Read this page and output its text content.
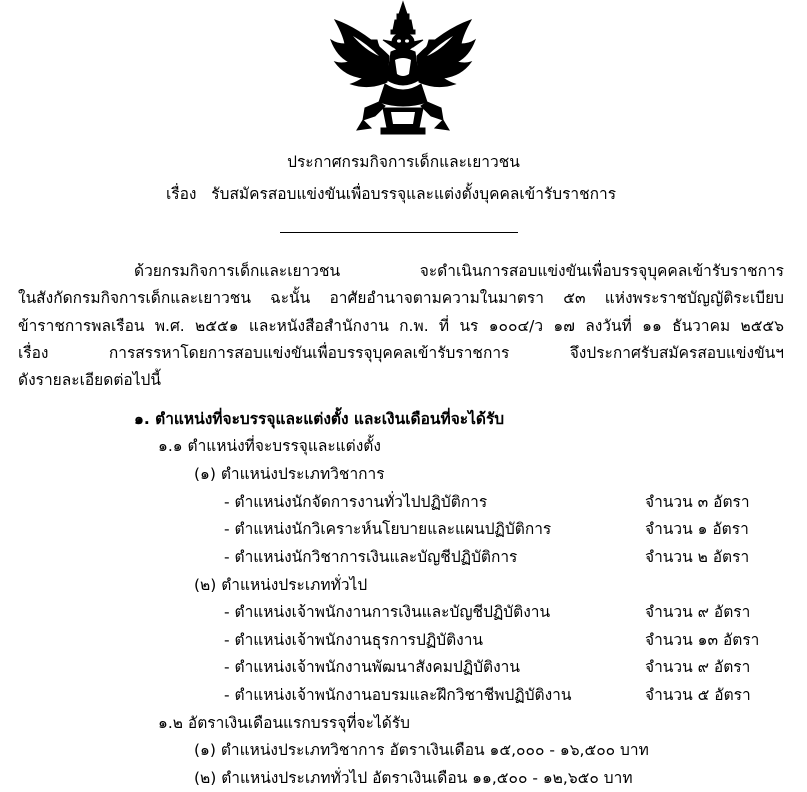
ประกาศกรมกิจการเด็กและเยาวชน
เรื่อง รับสมัครสอบแข่งขันเพื่อบรรจุและแต่งตั้งบุคคลเข้ารับราชการ
ด้วยกรมกิจการเด็กและเยาวชน จะดำเนินการสอบแข่งขันเพื่อบรรจุบุคคลเข้ารับราชการ
ในสังกัดกรมกิจการเด็กและเยาวชน ฉะนั้น อาศัยอำนาจตามความในมาตรา ๕๓ แห่งพระราชบัญญัติระเบียบ
ข้าราชการพลเรือน พ.ศ. ๒๕๕๑ และหนังสือสำนักงาน ก.พ. ที่ นร ๑๐๐๔/ว ๑๗ ลงวันที่ ๑๑ ธันวาคม ๒๕๕๖
เรื่อง การสรรหาโดยการสอบแข่งขันเพื่อบรรจุบุคคลเข้ารับราชการ จึงประกาศรับสมัครสอบแข่งขันฯ
ดังรายละเอียดต่อไปนี้
๑. ตำแหน่งที่จะบรรจุและแต่งตั้ง และเงินเดือนที่จะได้รับ
๑.๑ ตำแหน่งที่จะบรรจุและแต่งตั้ง
(๑) ตำแหน่งประเภทวิชาการ
- ตำแหน่งนักจัดการงานทั่วไปปฏิบัติการ	จำนวน ๓ อัตรา
- ตำแหน่งนักวิเคราะห์นโยบายและแผนปฏิบัติการ	จำนวน ๑ อัตรา
- ตำแหน่งนักวิชาการเงินและบัญชีปฏิบัติการ	จำนวน ๒ อัตรา
(๒) ตำแหน่งประเภททั่วไป
- ตำแหน่งเจ้าพนักงานการเงินและบัญชีปฏิบัติงาน	จำนวน ๙ อัตรา
- ตำแหน่งเจ้าพนักงานธุรการปฏิบัติงาน	จำนวน ๑๓ อัตรา
- ตำแหน่งเจ้าพนักงานพัฒนาสังคมปฏิบัติงาน	จำนวน ๙ อัตรา
- ตำแหน่งเจ้าพนักงานอบรมและฝึกวิชาชีพปฏิบัติงาน	จำนวน ๕ อัตรา
๑.๒ อัตราเงินเดือนแรกบรรจุที่จะได้รับ
(๑) ตำแหน่งประเภทวิชาการ อัตราเงินเดือน ๑๕,๐๐๐ - ๑๖,๕๐๐ บาท
(๒) ตำแหน่งประเภททั่วไป อัตราเงินเดือน ๑๑,๕๐๐ - ๑๒,๖๕๐ บาท
